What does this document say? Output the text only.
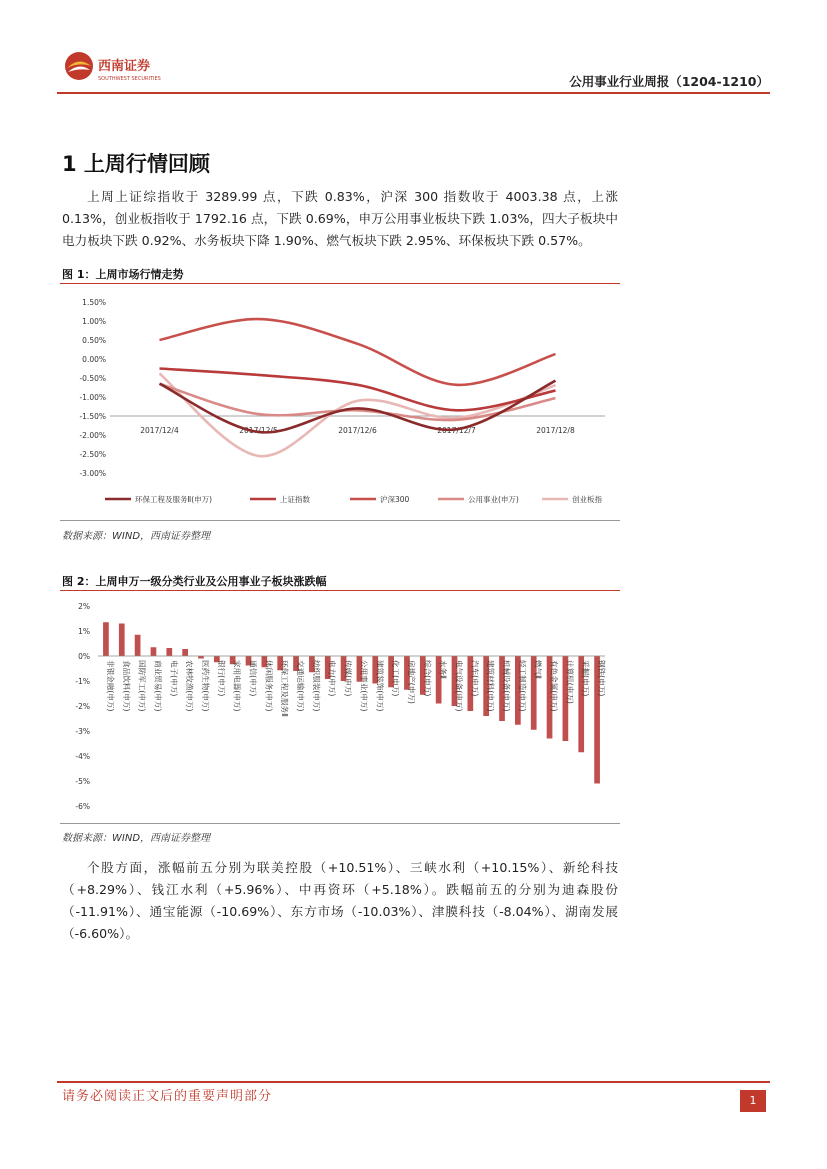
西南证券
SOUTHWEST SECURITIES	公用事业行业周报（1204-1210）
1 上周行情回顾

上周上证综指收于 3289.99 点，下跌 0.83%，沪深 300 指数收于 4003.38 点，上涨 0.13%，创业板指收于 1792.16 点，下跌 0.69%，申万公用事业板块下跌 1.03%，四大子板块中电力板块下跌 0.92%、水务板块下降 1.90%、燃气板块下跌 2.95%、环保板块下跌 0.57%。

图 1：上周市场行情走势
1.50%
1.00%
0.50%
0.00%
-0.50%
-1.00%
-1.50%
-2.00%
-2.50%
-3.00%
2017/12/4	2017/12/5	2017/12/6	2017/12/7	2017/12/8
环保工程及服务Ⅱ(申万)	上证指数	沪深300	公用事业(申万)	创业板指
数据来源：WIND，西南证券整理
图 2：上周申万一级分类行业及公用事业子板块涨跌幅
2%
1%
0%
-1%
-2%
-3%
-4%
-5%
-6%
非银金融(申万) 食品饮料(申万) 国防军工(申万) 商业贸易(申万) 电子(申万) 农林牧渔(申万) 医药生物(申万) 银行(申万) 家用电器(申万) 通信(申万) 休闲服务(申万) 环保工程及服务Ⅱ 交通运输(申万) 纺织服装(申万) 电力(申万) 传媒(申万) 公用事业(申万) 建筑装饰(申万) 化工(申万) 房地产(申万) 综合(申万) 水务Ⅱ 电气设备(申万) 汽车(申万) 建筑材料(申万) 机械设备(申万) 轻工制造(申万) 燃气Ⅱ 有色金属(申万) 计算机(申万) 采掘(申万) 钢铁(申万)
数据来源：WIND，西南证券整理

个股方面，涨幅前五分别为联美控股（+10.51%）、三峡水利（+10.15%）、新纶科技（+8.29%）、钱江水利（+5.96%）、中再资环（+5.18%）。跌幅前五的分别为迪森股份（-11.91%）、通宝能源（-10.69%）、东方市场（-10.03%）、津膜科技（-8.04%）、湖南发展（-6.60%）。

请务必阅读正文后的重要声明部分	1
